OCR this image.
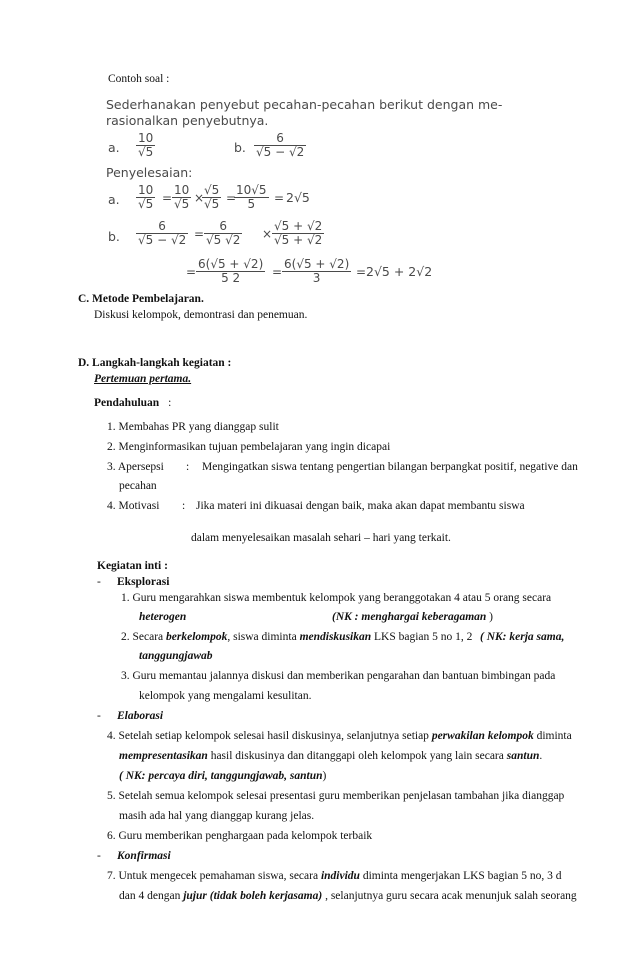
Contoh soal :

Sederhanakan penyebut pecahan-pecahan berikut dengan me-
rasionalkan penyebutnya.
a.
10
√5	b.
6
√5 − √2
Penyelesaian:
a.
10
√5 =
10
√5 ×
√5
√5 =
10√5
5	= 2√5
b.
6
√5 − √2 =
6
√5 √2 ×
√5 + √2
√5 + √2
=
6(√5 + √2)
5 2	=
6(√5 + √2)
3	= 2√5 + 2√2

C. Metode Pembelajaran.

Diskusi kelompok, demontrasi dan penemuan.

D. Langkah-langkah kegiatan :

Pertemuan pertama.

Pendahuluan :

1. Membahas PR yang dianggap sulit

2. Menginformasikan tujuan pembelajaran yang ingin dicapai

3. Apersepsi : Mengingatkan siswa tentang pengertian bilangan berpangkat positif, negative dan

pecahan

4. Motivasi : Jika materi ini dikuasai dengan baik, maka akan dapat membantu siswa

dalam menyelesaikan masalah sehari – hari yang terkait.

Kegiatan inti :

- Eksplorasi

1. Guru mengarahkan siswa membentuk kelompok yang beranggotakan 4 atau 5 orang secara

heterogen	(NK : menghargai keberagaman )

2. Secara berkelompok, siswa diminta mendiskusikan LKS bagian 5 no 1, 2 ( NK: kerja sama,

tanggungjawab

3. Guru memantau jalannya diskusi dan memberikan pengarahan dan bantuan bimbingan pada

kelompok yang mengalami kesulitan.

- Elaborasi

4. Setelah setiap kelompok selesai hasil diskusinya, selanjutnya setiap perwakilan kelompok diminta

mempresentasikan hasil diskusinya dan ditanggapi oleh kelompok yang lain secara santun.

( NK: percaya diri, tanggungjawab, santun)

5. Setelah semua kelompok selesai presentasi guru memberikan penjelasan tambahan jika dianggap

masih ada hal yang dianggap kurang jelas.

6. Guru memberikan penghargaan pada kelompok terbaik

- Konfirmasi

7. Untuk mengecek pemahaman siswa, secara individu diminta mengerjakan LKS bagian 5 no, 3 d

dan 4 dengan jujur (tidak boleh kerjasama) , selanjutnya guru secara acak menunjuk salah seorang
